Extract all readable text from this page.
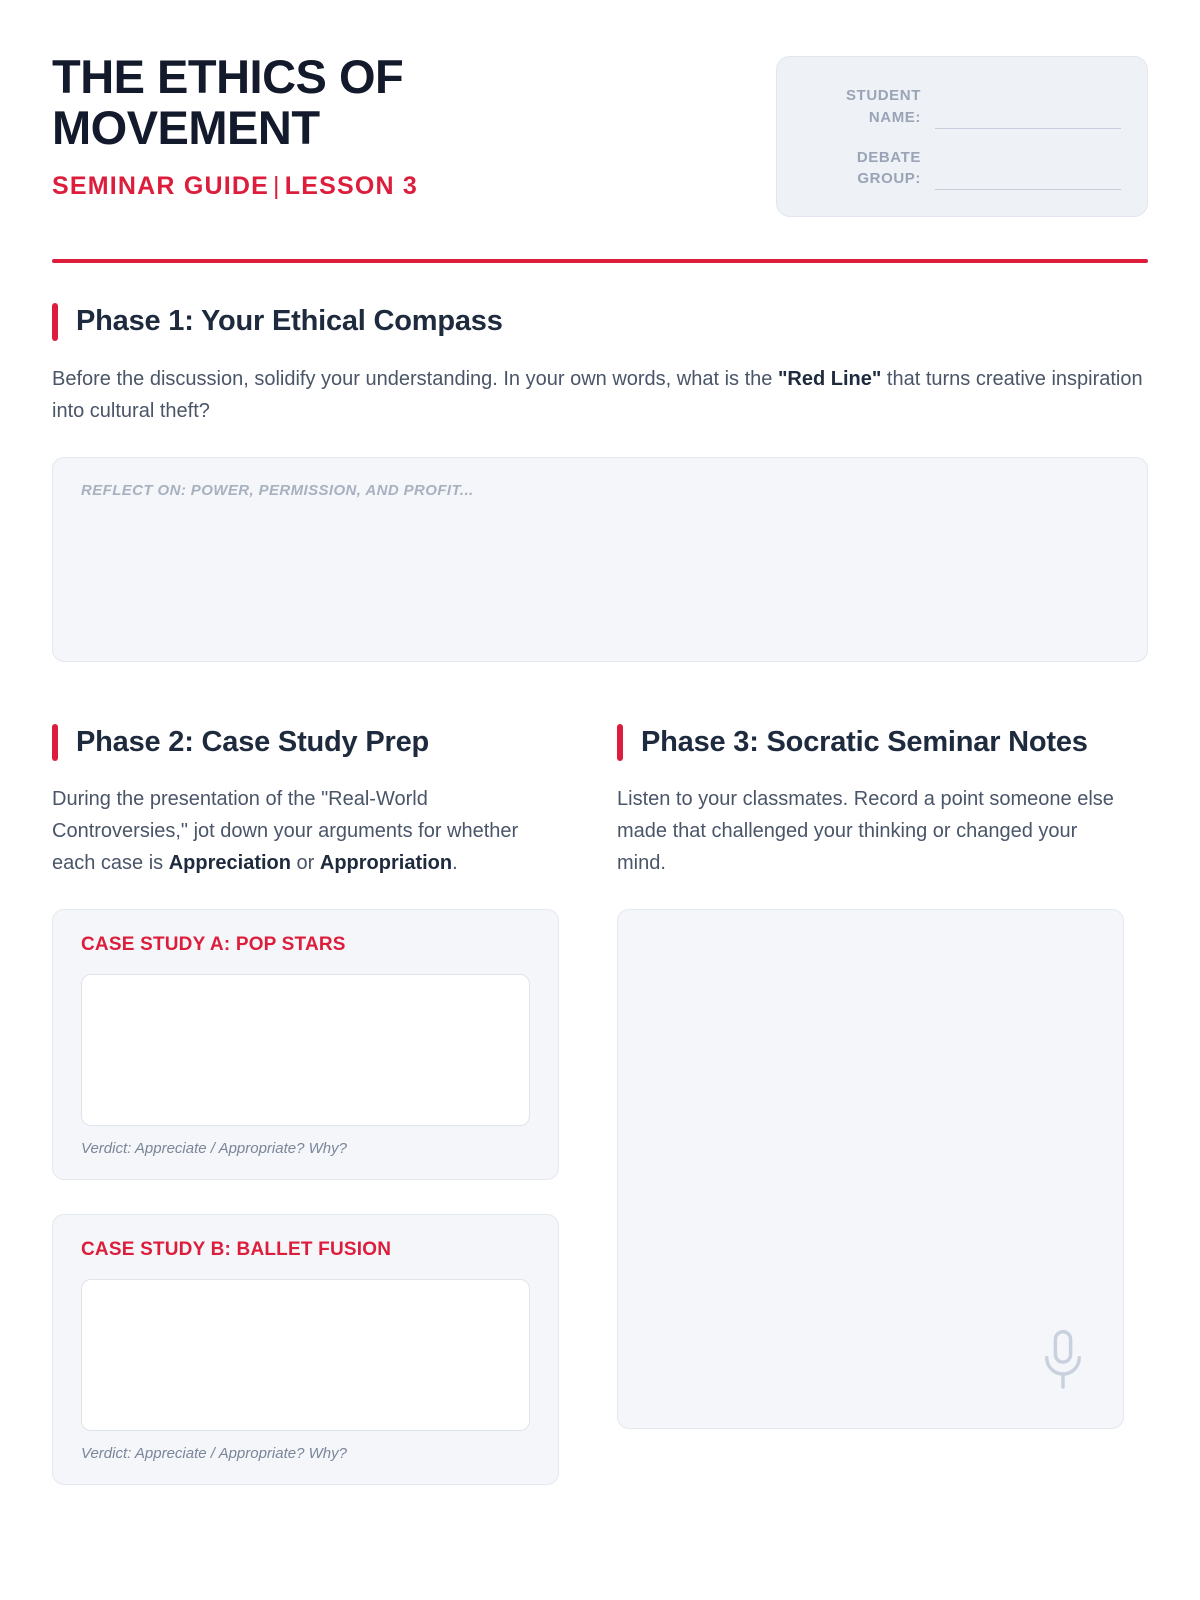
THE ETHICS OF MOVEMENT
SEMINAR GUIDE | LESSON 3
STUDENT NAME:
DEBATE GROUP:
Phase 1: Your Ethical Compass

Before the discussion, solidify your understanding. In your own words, what is the "Red Line" that turns creative inspiration into cultural theft?

REFLECT ON: POWER, PERMISSION, AND PROFIT...
Phase 2: Case Study Prep

During the presentation of the "Real-World Controversies," jot down your arguments for whether each case is Appreciation or Appropriation.

CASE STUDY A: POP STARS
Verdict: Appreciate / Appropriate? Why?
CASE STUDY B: BALLET FUSION
Verdict: Appreciate / Appropriate? Why?
Phase 3: Socratic Seminar Notes

Listen to your classmates. Record a point someone else made that challenged your thinking or changed your mind.
